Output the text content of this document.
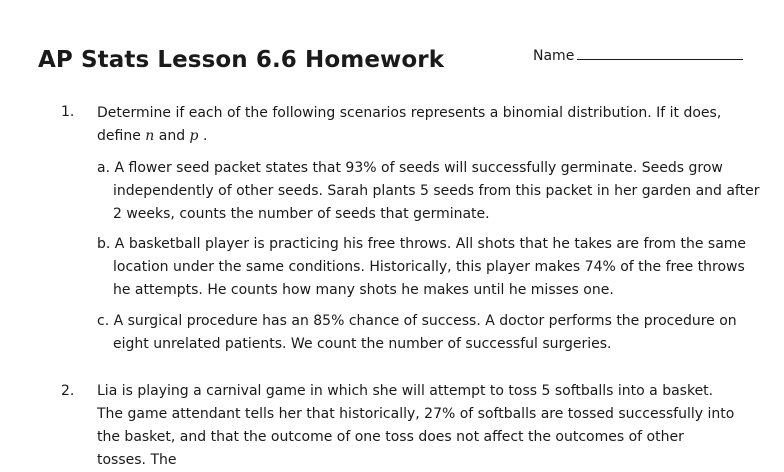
AP Stats Lesson 6.6 Homework	Name
1. Determine if each of the following scenarios represents a binomial distribution. If it does, define n and p .
a. A flower seed packet states that 93% of seeds will successfully germinate. Seeds grow independently of other seeds. Sarah plants 5 seeds from this packet in her garden and after 2 weeks, counts the number of seeds that germinate.
b. A basketball player is practicing his free throws. All shots that he takes are from the same location under the same conditions. Historically, this player makes 74% of the free throws he attempts. He counts how many shots he makes until he misses one.
c. A surgical procedure has an 85% chance of success. A doctor performs the procedure on eight unrelated patients. We count the number of successful surgeries.
2. Lia is playing a carnival game in which she will attempt to toss 5 softballs into a basket. The game attendant tells her that historically, 27% of softballs are tossed successfully into the basket, and that the outcome of one toss does not affect the outcomes of other tosses. The
